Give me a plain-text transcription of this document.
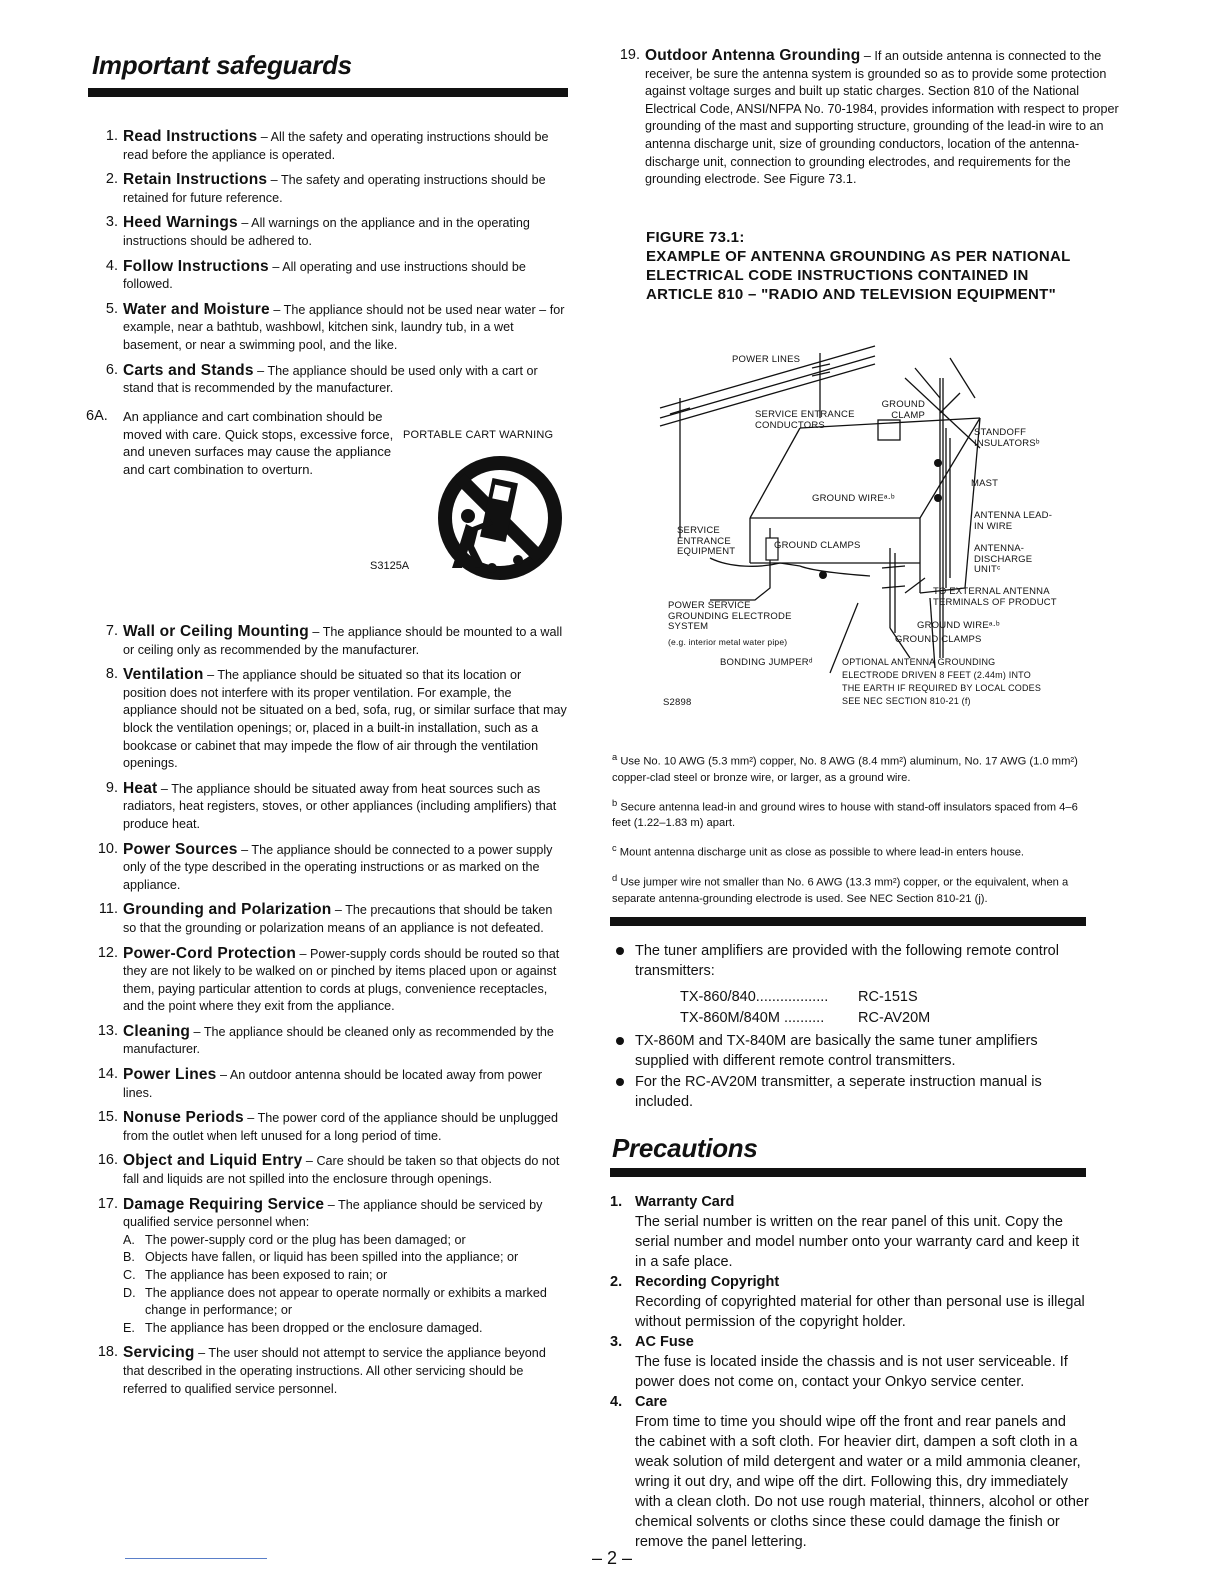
Important safeguards
1. Read Instructions – All the safety and operating instructions should be read before the appliance is operated.
2. Retain Instructions – The safety and operating instructions should be retained for future reference.
3. Heed Warnings – All warnings on the appliance and in the operating instructions should be adhered to.
4. Follow Instructions – All operating and use instructions should be followed.
5. Water and Moisture – The appliance should not be used near water – for example, near a bathtub, washbowl, kitchen sink, laundry tub, in a wet basement, or near a swimming pool, and the like.
6. Carts and Stands – The appliance should be used only with a cart or stand that is recommended by the manufacturer.
6A.	An appliance and cart combination should be moved with care. Quick stops, excessive force, and uneven surfaces may cause the appliance and cart combination to overturn.
PORTABLE CART WARNING
S3125A
7. Wall or Ceiling Mounting – The appliance should be mounted to a wall or ceiling only as recommended by the manufacturer.
8. Ventilation – The appliance should be situated so that its location or position does not interfere with its proper ventilation. For example, the appliance should not be situated on a bed, sofa, rug, or similar surface that may block the ventilation openings; or, placed in a built-in installation, such as a bookcase or cabinet that may impede the flow of air through the ventilation openings.
9. Heat – The appliance should be situated away from heat sources such as radiators, heat registers, stoves, or other appliances (including amplifiers) that produce heat.
10. Power Sources – The appliance should be connected to a power supply only of the type described in the operating instructions or as marked on the appliance.
11. Grounding and Polarization – The precautions that should be taken so that the grounding or polarization means of an appliance is not defeated.
12. Power-Cord Protection – Power-supply cords should be routed so that they are not likely to be walked on or pinched by items placed upon or against them, paying particular attention to cords at plugs, convenience receptacles, and the point where they exit from the appliance.
13. Cleaning – The appliance should be cleaned only as recommended by the manufacturer.
14. Power Lines – An outdoor antenna should be located away from power lines.
15. Nonuse Periods – The power cord of the appliance should be unplugged from the outlet when left unused for a long period of time.
16. Object and Liquid Entry – Care should be taken so that objects do not fall and liquids are not spilled into the enclosure through openings.
17. Damage Requiring Service – The appliance should be serviced by qualified service personnel when:
A. The power-supply cord or the plug has been damaged; or
B. Objects have fallen, or liquid has been spilled into the appliance; or
C. The appliance has been exposed to rain; or
D. The appliance does not appear to operate normally or exhibits a marked change in performance; or
E. The appliance has been dropped or the enclosure damaged.
18. Servicing – The user should not attempt to service the appliance beyond that described in the operating instructions. All other servicing should be referred to qualified service personnel.
19. Outdoor Antenna Grounding – If an outside antenna is connected to the receiver, be sure the antenna system is grounded so as to provide some protection against voltage surges and built up static charges. Section 810 of the National Electrical Code, ANSI/NFPA No. 70-1984, provides information with respect to proper grounding of the mast and supporting structure, grounding of the lead-in wire to an antenna discharge unit, size of grounding conductors, location of the antenna-discharge unit, connection to grounding electrodes, and requirements for the grounding electrode. See Figure 73.1.
FIGURE 73.1:
EXAMPLE OF ANTENNA GROUNDING AS PER NATIONAL ELECTRICAL CODE INSTRUCTIONS CONTAINED IN ARTICLE 810 – "RADIO AND TELEVISION EQUIPMENT"
POWER LINES
GROUND CLAMP
SERVICE ENTRANCE CONDUCTORS
STANDOFF INSULATORSᵇ
MAST
GROUND WIREᵃ·ᵇ
ANTENNA LEAD-IN WIRE
SERVICE ENTRANCE EQUIPMENT
GROUND CLAMPS	ANTENNA-DISCHARGE UNITᶜ
TO EXTERNAL ANTENNA TERMINALS OF PRODUCT
POWER SERVICE GROUNDING ELECTRODE SYSTEM
(e.g. interior metal water pipe)
GROUND WIREᵃ·ᵇ
GROUND CLAMPS
BONDING JUMPERᵈ	OPTIONAL ANTENNA GROUNDING ELECTRODE DRIVEN 8 FEET (2.44m) INTO THE EARTH IF REQUIRED BY LOCAL CODES SEE NEC SECTION 810-21 (f)
S2898

$^a$ Use No. 10 AWG (5.3 mm²) copper, No. 8 AWG (8.4 mm²) aluminum, No. 17 AWG (1.0 mm²) copper-clad steel or bronze wire, or larger, as a ground wire.

$^b$ Secure antenna lead-in and ground wires to house with stand-off insulators spaced from 4–6 feet (1.22–1.83 m) apart.

$^c$ Mount antenna discharge unit as close as possible to where lead-in enters house.

$^d$ Use jumper wire not smaller than No. 6 AWG (13.3 mm²) copper, or the equivalent, when a separate antenna-grounding electrode is used. See NEC Section 810-21 (j).

The tuner amplifiers are provided with the following remote control transmitters:
TX-860/840..................	RC-151S
TX-860M/840M ..........	RC-AV20M
TX-860M and TX-840M are basically the same tuner amplifiers supplied with different remote control transmitters.
For the RC-AV20M transmitter, a seperate instruction manual is included.
Precautions
1. Warranty Card
The serial number is written on the rear panel of this unit. Copy the serial number and model number onto your warranty card and keep it in a safe place.
2. Recording Copyright
Recording of copyrighted material for other than personal use is illegal without permission of the copyright holder.
3. AC Fuse
The fuse is located inside the chassis and is not user serviceable. If power does not come on, contact your Onkyo service center.
4. Care
From time to time you should wipe off the front and rear panels and the cabinet with a soft cloth. For heavier dirt, dampen a soft cloth in a weak solution of mild detergent and water or a mild ammonia cleaner, wring it out dry, and wipe off the dirt. Following this, dry immediately with a clean cloth. Do not use rough material, thinners, alcohol or other chemical solvents or cloths since these could damage the finish or remove the panel lettering.
– 2 –
